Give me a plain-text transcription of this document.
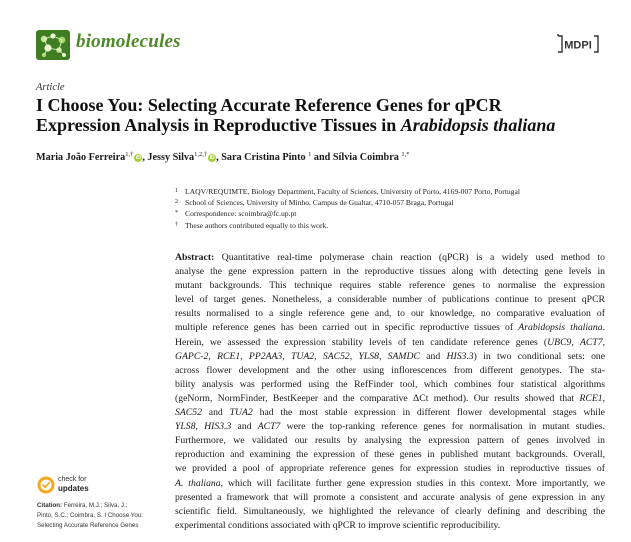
biomolecules	MDPI
Article
I Choose You: Selecting Accurate Reference Genes for qPCR
Expression Analysis in Reproductive Tissues in Arabidopsis thaliana
Maria João Ferreira$^{1,\dagger}$ iD , Jessy Silva$^{1,2,\dagger}$ iD , Sara Cristina Pinto $^1$ and Sílvia Coimbra $^{1,*}$
1 LAQV/REQUIMTE, Biology Department, Faculty of Sciences, University of Porto, 4169-007 Porto, Portugal
2 School of Sciences, University of Minho, Campus de Gualtar, 4710-057 Braga, Portugal
* Correspondence: scoimbra@fc.up.pt
† These authors contributed equally to this work.
Abstract: Quantitative real-time polymerase chain reaction (qPCR) is a widely used method to
analyse the gene expression pattern in the reproductive tissues along with detecting gene levels in
mutant backgrounds. This technique requires stable reference genes to normalise the expression
level of target genes. Nonetheless, a considerable number of publications continue to present qPCR
results normalised to a single reference gene and, to our knowledge, no comparative evaluation of
multiple reference genes has been carried out in specific reproductive tissues of Arabidopsis thaliana.
Herein, we assessed the expression stability levels of ten candidate reference genes (UBC9, ACT7,
GAPC-2, RCE1, PP2AA3, TUA2, SAC52, YLS8, SAMDC and HIS3.3) in two conditional sets: one
across flower development and the other using inflorescences from different genotypes. The sta-
bility analysis was performed using the RefFinder tool, which combines four statistical algorithms
(geNorm, NormFinder, BestKeeper and the comparative ΔCt method). Our results showed that RCE1,
SAC52 and TUA2 had the most stable expression in different flower developmental stages while
YLS8, HIS3.3 and ACT7 were the top-ranking reference genes for normalisation in mutant studies.
Furthermore, we validated our results by analysing the expression pattern of genes involved in
reproduction and examining the expression of these genes in published mutant backgrounds. Overall,
we provided a pool of appropriate reference genes for expression studies in reproductive tissues of
A. thaliana, which will facilitate further gene expression studies in this context. More importantly, we
presented a framework that will promote a consistent and accurate analysis of gene expression in any
scientific field. Simultaneously, we highlighted the relevance of clearly defining and describing the
experimental conditions associated with qPCR to improve scientific reproducibility.
check for
updates
Citation: Ferreira, M.J.; Silva, J.;
Pinto, S.C.; Coimbra, S. I Choose You:
Selecting Accurate Reference Genes
